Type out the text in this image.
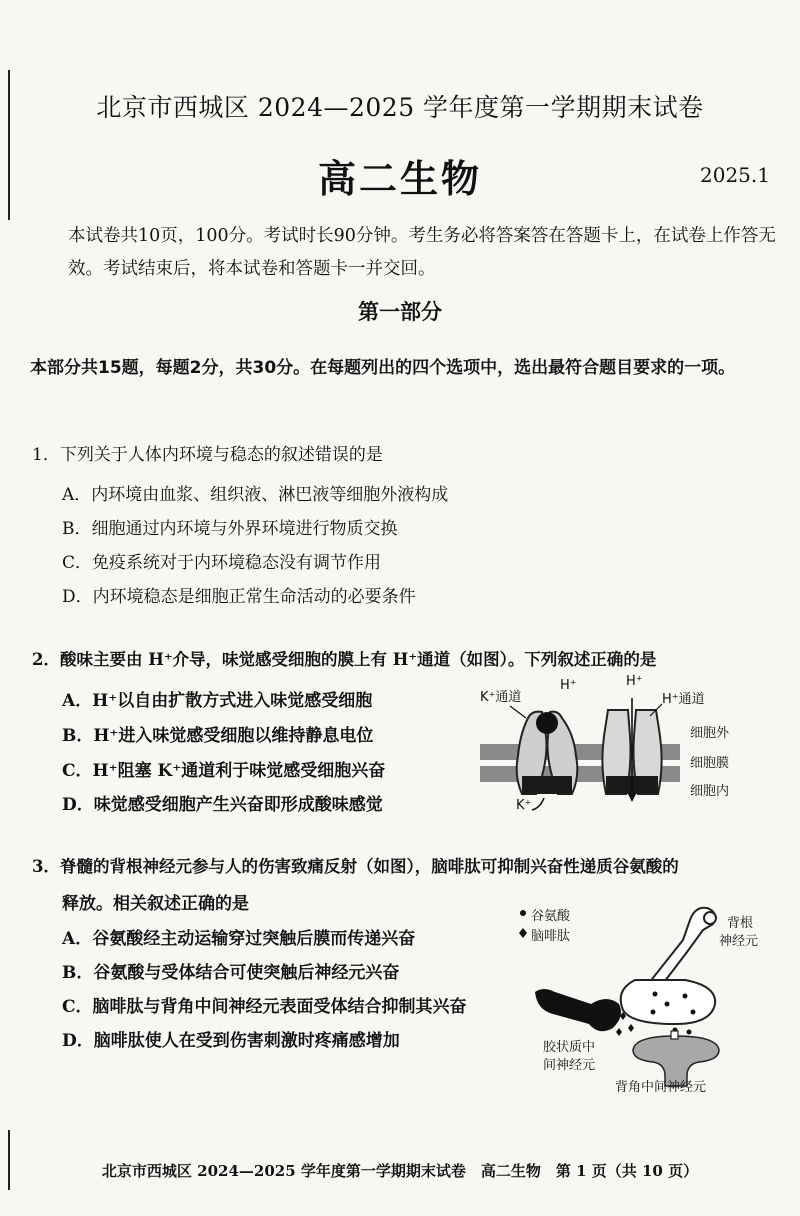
北京市西城区 2024—2025 学年度第一学期期末试卷
高二生物	2025.1
本试卷共10页，100分。考试时长90分钟。考生务必将答案答在答题卡上，在试卷上作答无效。考试结束后，将本试卷和答题卡一并交回。
第一部分
本部分共15题，每题2分，共30分。在每题列出的四个选项中，选出最符合题目要求的一项。
1．下列关于人体内环境与稳态的叙述错误的是
A．内环境由血浆、组织液、淋巴液等细胞外液构成
B．细胞通过内环境与外界环境进行物质交换
C．免疫系统对于内环境稳态没有调节作用
D．内环境稳态是细胞正常生命活动的必要条件
2．酸味主要由 H⁺介导，味觉感受细胞的膜上有 H⁺通道（如图）。下列叙述正确的是
A．H⁺以自由扩散方式进入味觉感受细胞
B．H⁺进入味觉感受细胞以维持静息电位
C．H⁺阻塞 K⁺通道利于味觉感受细胞兴奋
D．味觉感受细胞产生兴奋即形成酸味感觉
K⁺通道
H⁺	H⁺
H⁺通道
细胞外
细胞膜
细胞内
K⁺
3．脊髓的背根神经元参与人的伤害致痛反射（如图），脑啡肽可抑制兴奋性递质谷氨酸的
释放。相关叙述正确的是
A．谷氨酸经主动运输穿过突触后膜而传递兴奋
B．谷氨酸与受体结合可使突触后神经元兴奋
C．脑啡肽与背角中间神经元表面受体结合抑制其兴奋
D．脑啡肽使人在受到伤害刺激时疼痛感增加
谷氨酸
脑啡肽
背根
神经元
胶状质中
间神经元
背角中间神经元
北京市西城区 2024—2025 学年度第一学期期末试卷　高二生物　第 1 页（共 10 页）
